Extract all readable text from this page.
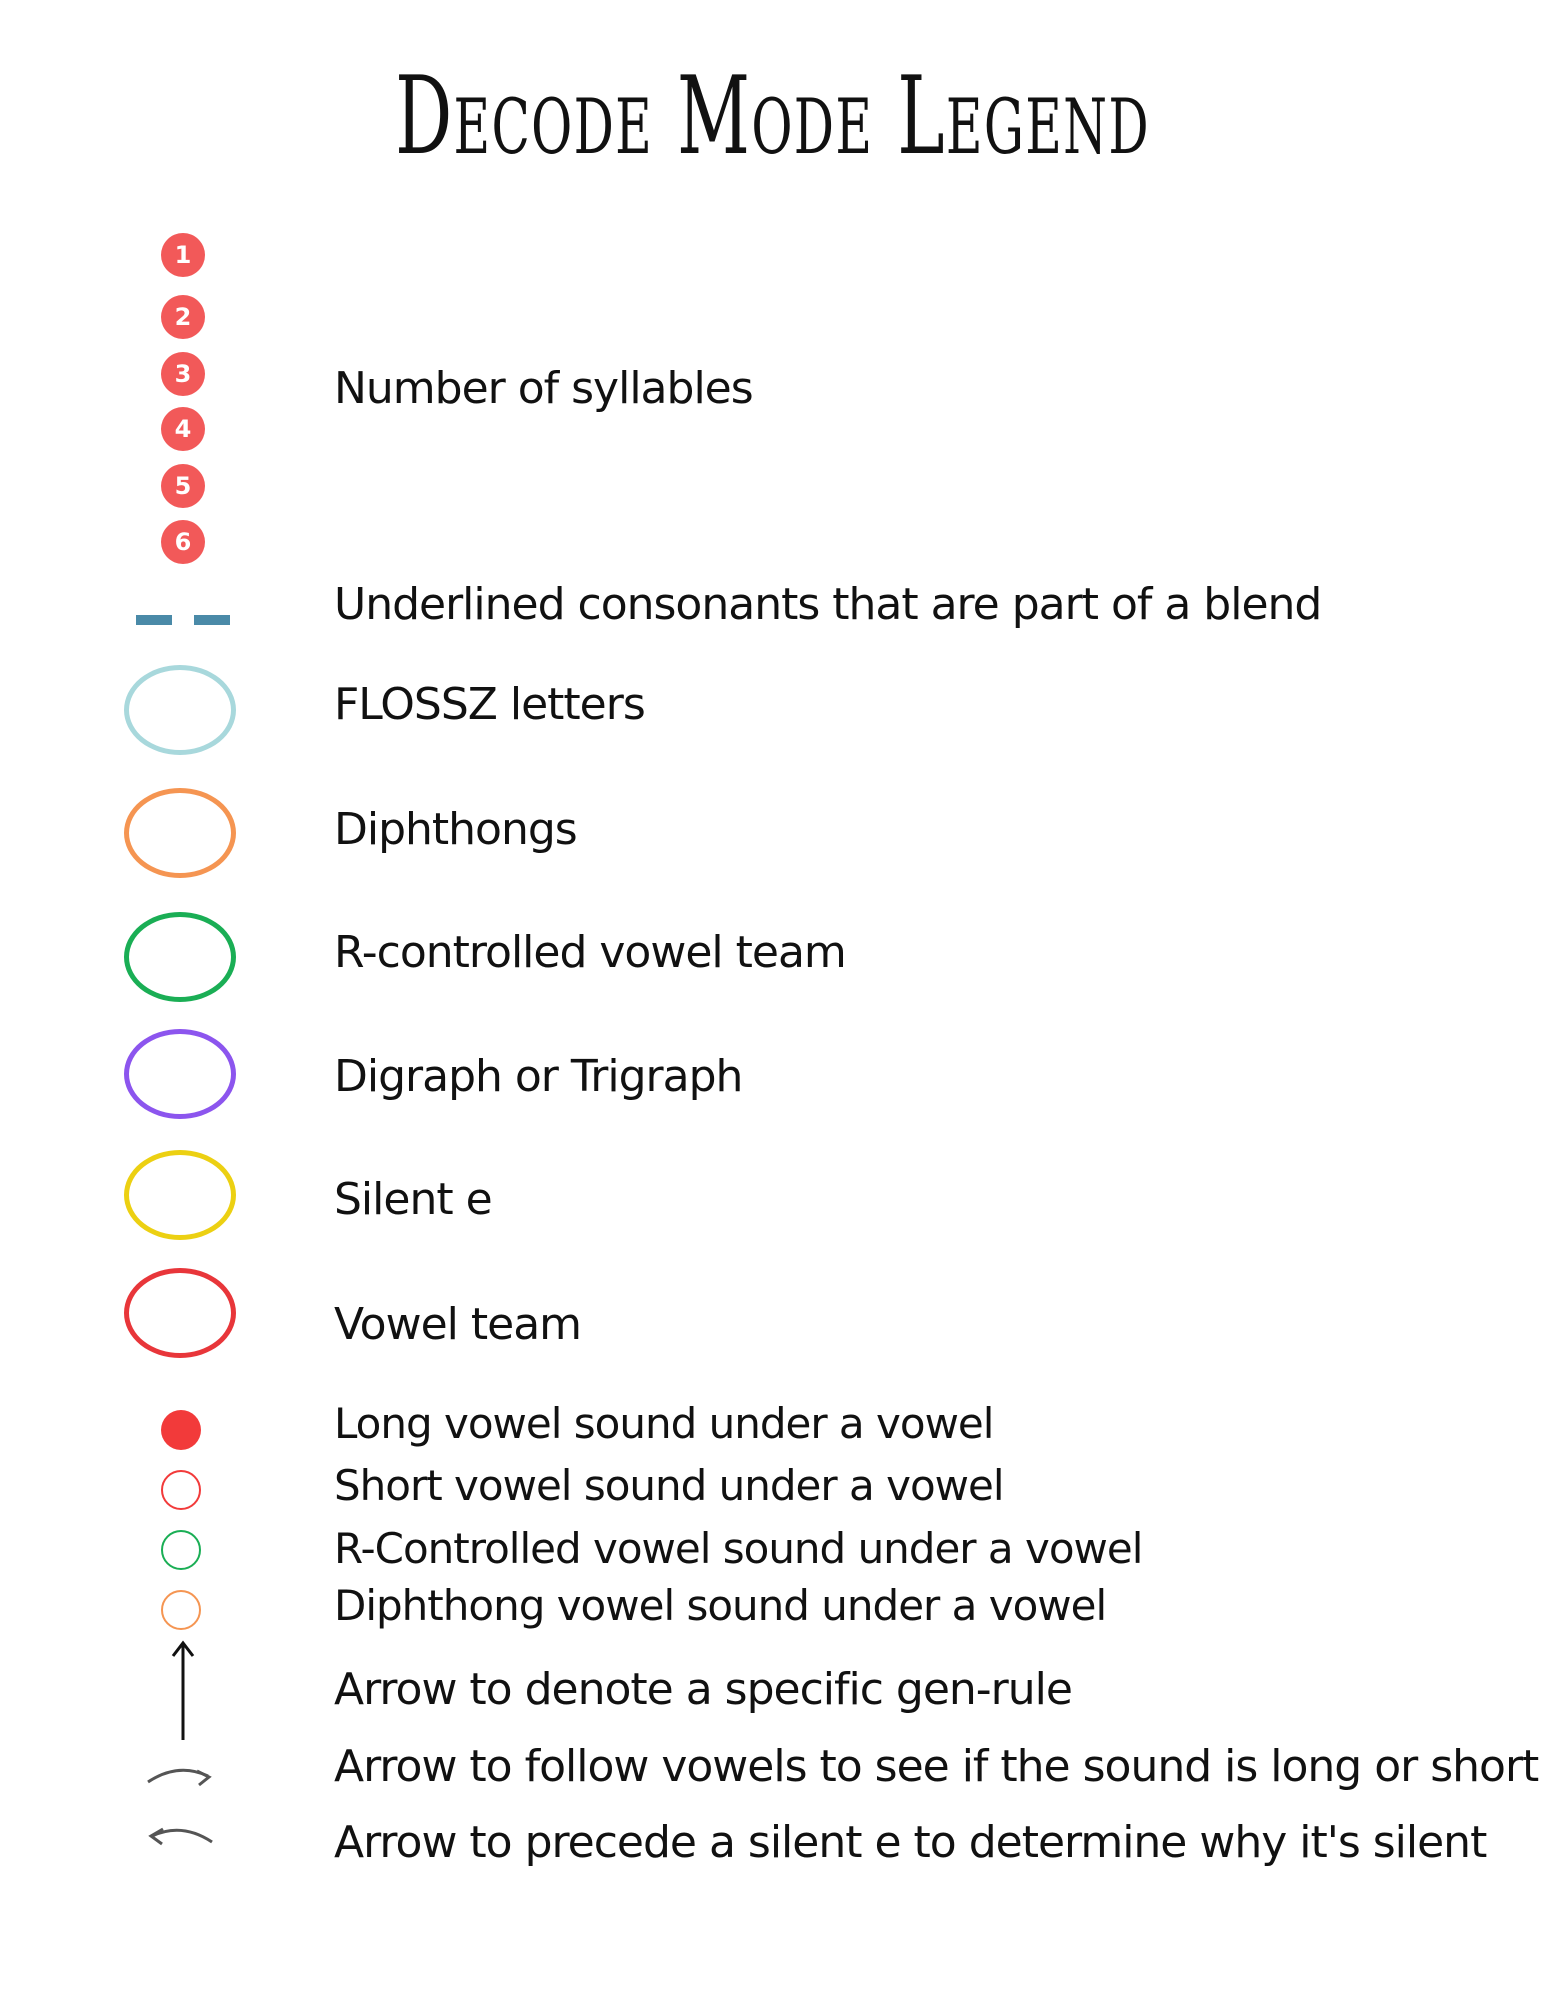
Decode Mode Legend
1
2
3
4
5
6
Number of syllables
Underlined consonants that are part of a blend
FLOSSZ letters
Diphthongs
R-controlled vowel team
Digraph or Trigraph
Silent e
Vowel team
Long vowel sound under a vowel
Short vowel sound under a vowel
R-Controlled vowel sound under a vowel
Diphthong vowel sound under a vowel
Arrow to denote a specific gen-rule
Arrow to follow vowels to see if the sound is long or short
Arrow to precede a silent e to determine why it's silent
